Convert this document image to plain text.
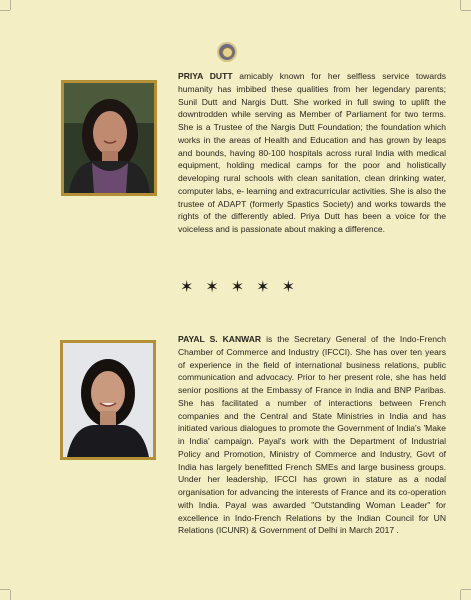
PRIYA DUTT amicably known for her selfless service towards humanity has imbibed these qualities from her legendary parents; Sunil Dutt and Nargis Dutt. She worked in full swing to uplift the downtrodden while serving as Member of Parliament for two terms. She is a Trustee of the Nargis Dutt Foundation; the foundation which works in the areas of Health and Education and has grown by leaps and bounds, having 80-100 hospitals across rural India with medical equipment, holding medical camps for the poor and holistically developing rural schools with clean sanitation, clean drinking water, computer labs, e- learning and extracurricular activities. She is also the trustee of ADAPT (formerly Spastics Society) and works towards the rights of the differently abled. Priya Dutt has been a voice for the voiceless and is passionate about making a difference.

✶ ✶ ✶ ✶ ✶

PAYAL S. KANWAR is the Secretary General of the Indo-French Chamber of Commerce and Industry (IFCCI). She has over ten years of experience in the field of international business relations, public communication and advocacy. Prior to her present role, she has held senior positions at the Embassy of France in India and BNP Paribas. She has facilitated a number of interactions between French companies and the Central and State Ministries in India and has initiated various dialogues to promote the Government of India's 'Make in India' campaign. Payal's work with the Department of Industrial Policy and Promotion, Ministry of Commerce and Industry, Govt of India has largely benefitted French SMEs and large business groups. Under her leadership, IFCCI has grown in stature as a nodal organisation for advancing the interests of France and its co-operation with India. Payal was awarded "Outstanding Woman Leader" for excellence in Indo-French Relations by the Indian Council for UN Relations (ICUNR) & Government of Delhi in March 2017 .
